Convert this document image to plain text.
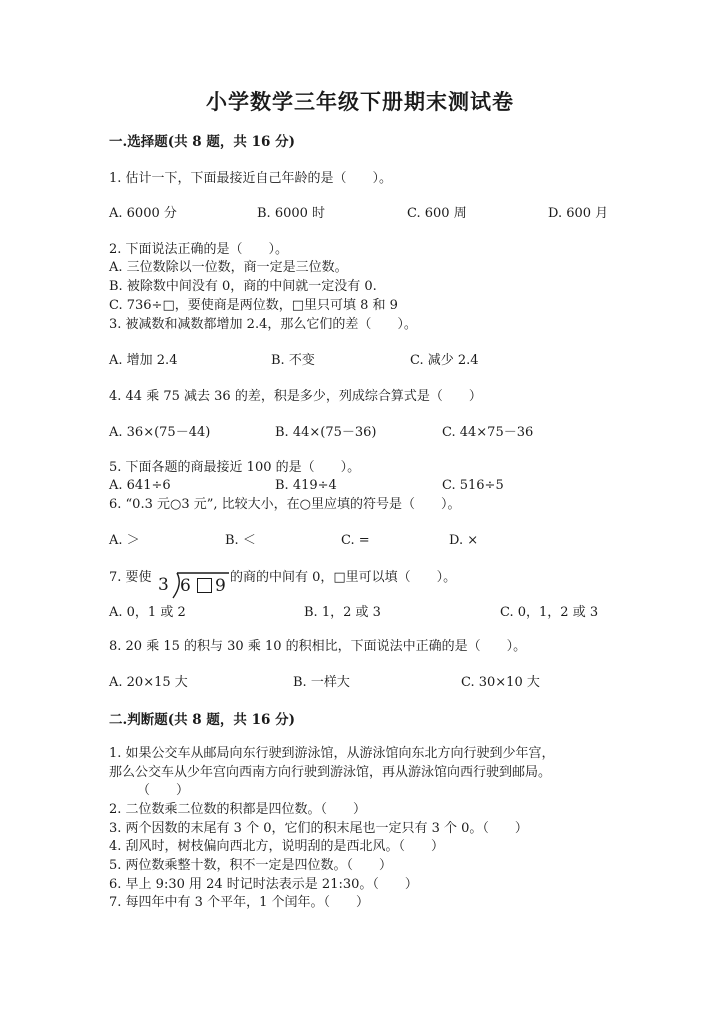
小学数学三年级下册期末测试卷
一.选择题(共 8 题，共 16 分)
1. 估计一下，下面最接近自己年龄的是（　　）。
A. 6000 分	B. 6000 时	C. 600 周	D. 600 月
2. 下面说法正确的是（　　）。
A. 三位数除以一位数，商一定是三位数。
B. 被除数中间没有 0，商的中间就一定没有 0.
C. 736÷□，要使商是两位数，□里只可填 8 和 9
3. 被减数和减数都增加 2.4，那么它们的差（　　）。
A. 增加 2.4	B. 不变	C. 减少 2.4
4. 44 乘 75 减去 36 的差，积是多少，列成综合算式是（　　）
A. 36×(75－44)	B. 44×(75－36)	C. 44×75－36
5. 下面各题的商最接近 100 的是（　　）。
A. 641÷6	B. 419÷4	C. 516÷5
6. “0.3 元○3 元”, 比较大小，在○里应填的符号是（　　）。
A. ＞	B. ＜	C. =	D. ×
7. 要使 3 6 9 的商的中间有 0，□里可以填（　　）。
A. 0，1 或 2	B. 1，2 或 3	C. 0，1，2 或 3
8. 20 乘 15 的积与 30 乘 10 的积相比，下面说法中正确的是（　　）。
A. 20×15 大	B. 一样大	C. 30×10 大
二.判断题(共 8 题，共 16 分)
1. 如果公交车从邮局向东行驶到游泳馆，从游泳馆向东北方向行驶到少年宫，
那么公交车从少年宫向西南方向行驶到游泳馆，再从游泳馆向西行驶到邮局。
（　　）
2. 二位数乘二位数的积都是四位数。（　　）
3. 两个因数的末尾有 3 个 0，它们的积末尾也一定只有 3 个 0。（　　）
4. 刮风时，树枝偏向西北方，说明刮的是西北风。（　　）
5. 两位数乘整十数，积不一定是四位数。（　　）
6. 早上 9:30 用 24 时记时法表示是 21:30。（　　）
7. 每四年中有 3 个平年，1 个闰年。（　　）
